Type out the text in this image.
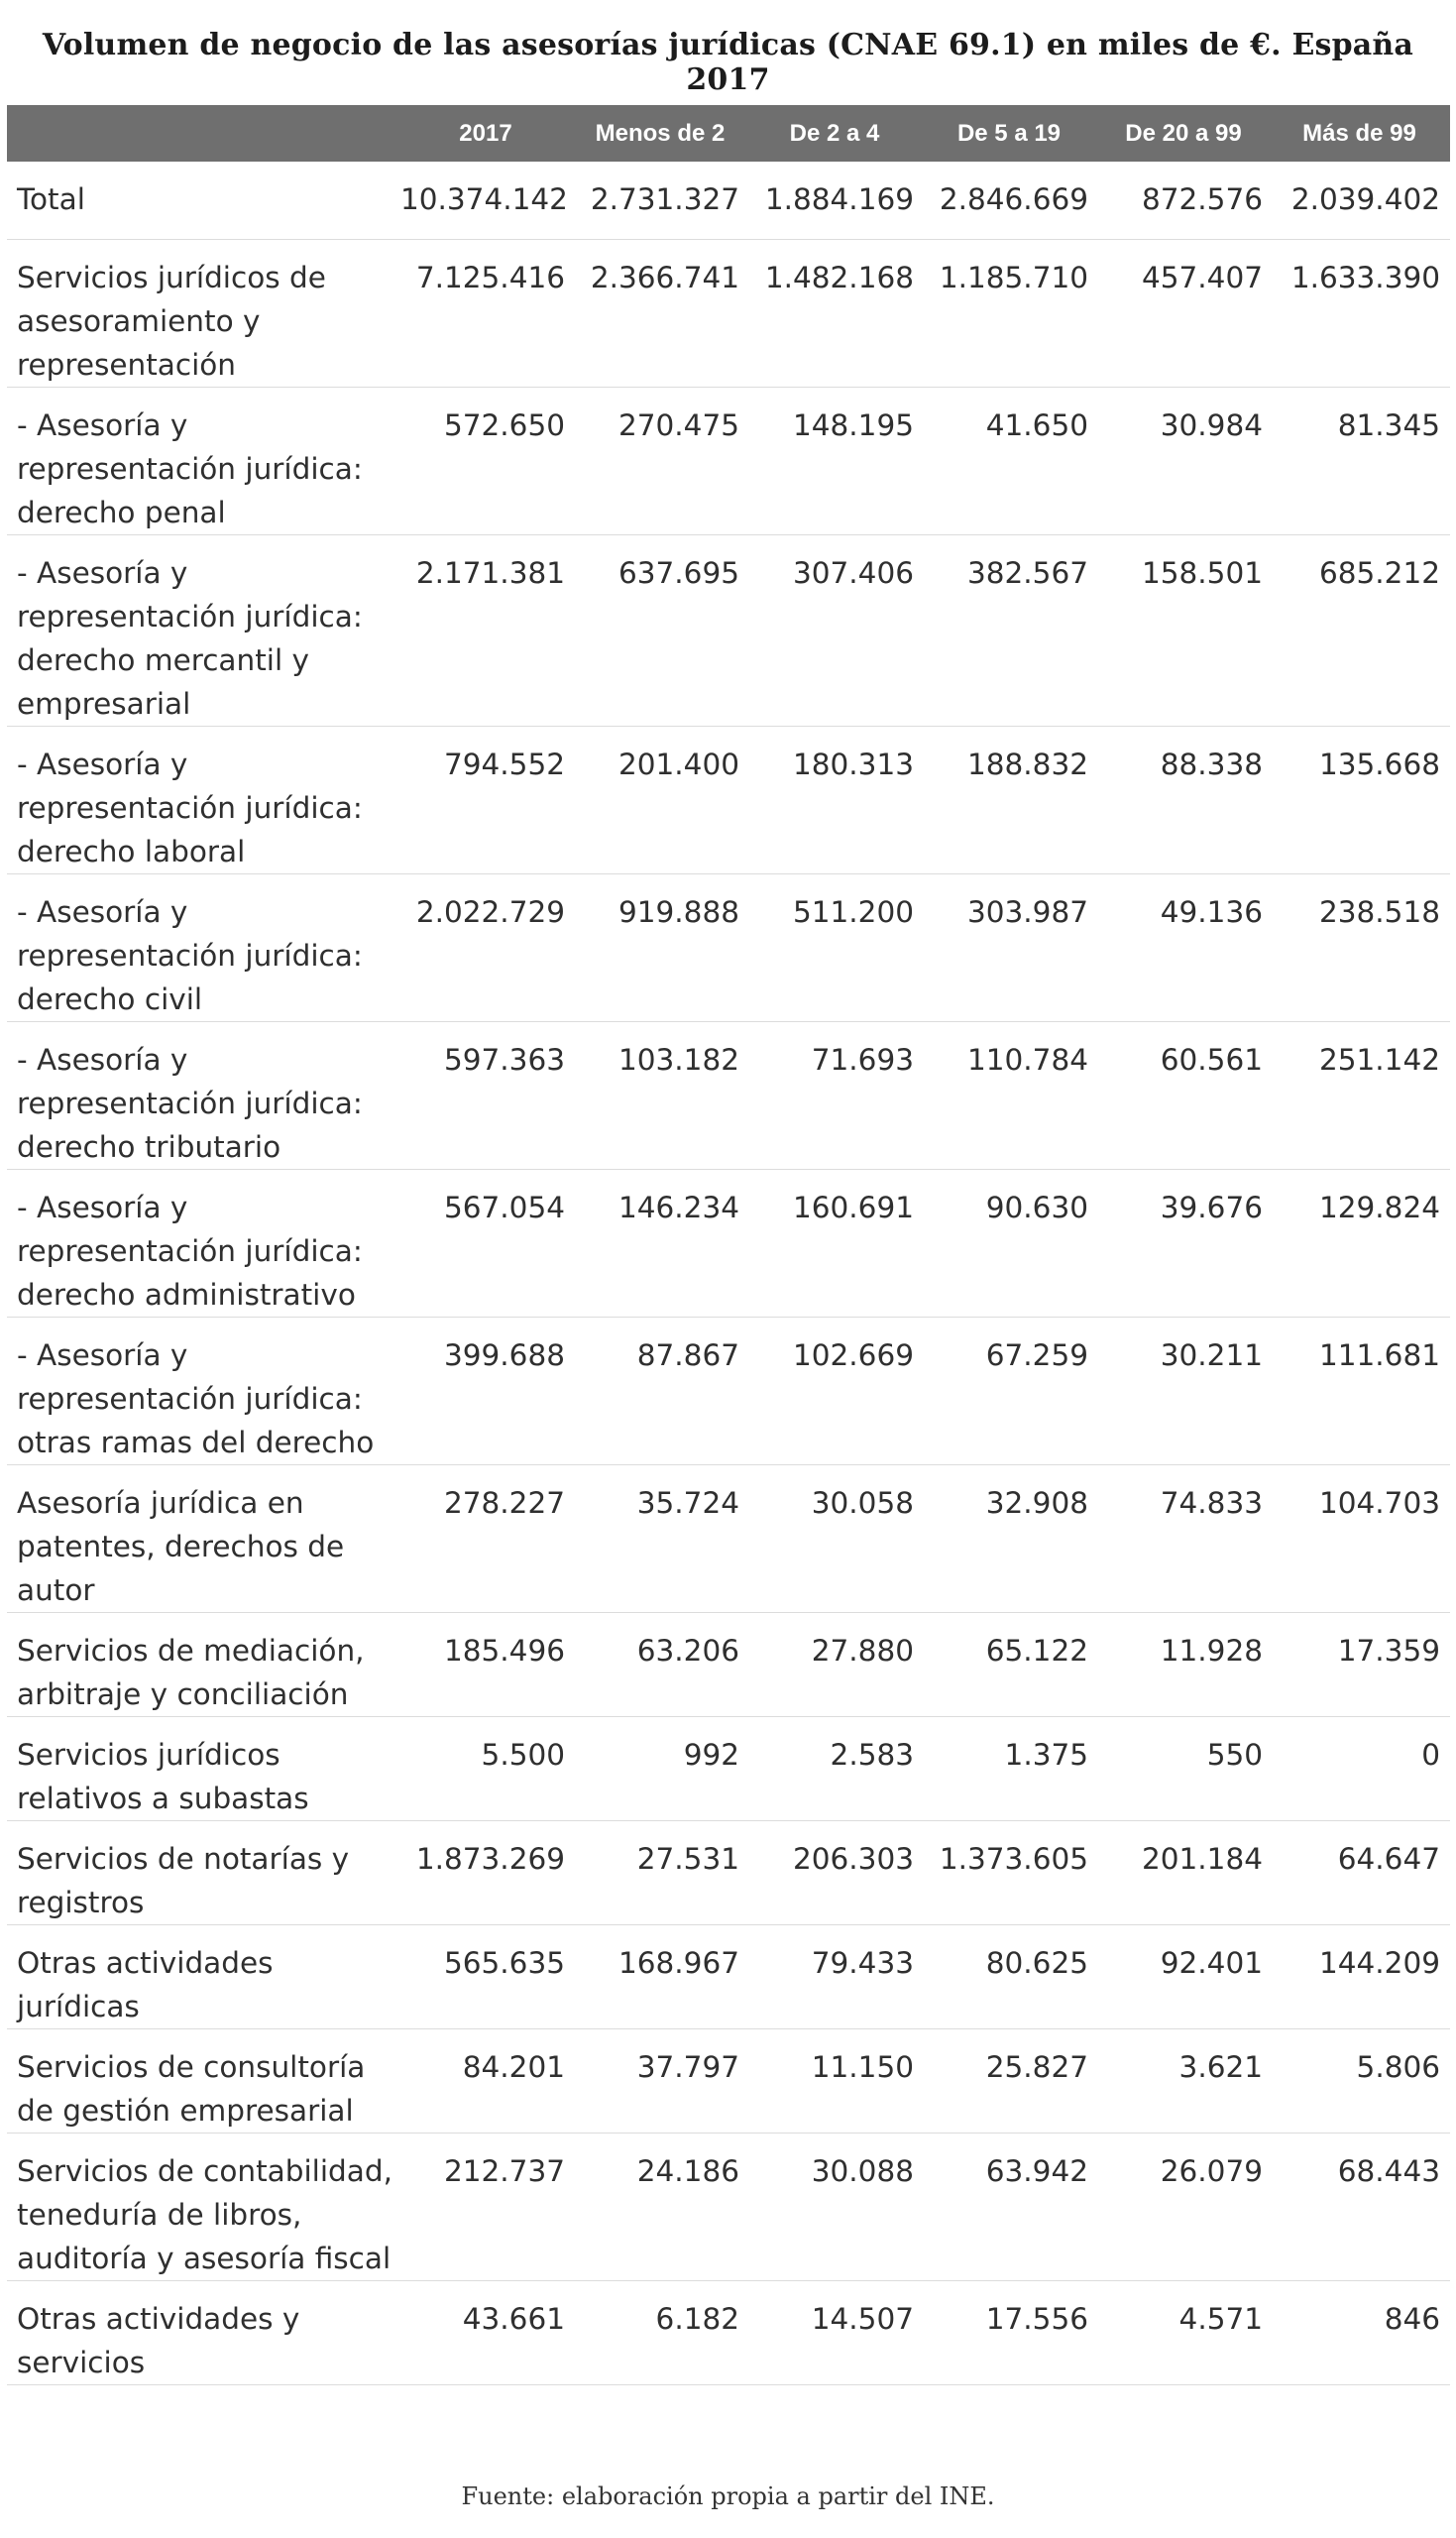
Volumen de negocio de las asesorías jurídicas (CNAE 69.1) en miles de €. España 2017
	2017	Menos de 2	De 2 a 4	De 5 a 19	De 20 a 99	Más de 99
Total	10.374.142	2.731.327	1.884.169	2.846.669	872.576	2.039.402
Servicios jurídicos de asesoramiento y representación	7.125.416	2.366.741	1.482.168	1.185.710	457.407	1.633.390
- Asesoría y representación jurídica: derecho penal	572.650	270.475	148.195	41.650	30.984	81.345
- Asesoría y representación jurídica: derecho mercantil y empresarial	2.171.381	637.695	307.406	382.567	158.501	685.212
- Asesoría y representación jurídica: derecho laboral	794.552	201.400	180.313	188.832	88.338	135.668
- Asesoría y representación jurídica: derecho civil	2.022.729	919.888	511.200	303.987	49.136	238.518
- Asesoría y representación jurídica: derecho tributario	597.363	103.182	71.693	110.784	60.561	251.142
- Asesoría y representación jurídica: derecho administrativo	567.054	146.234	160.691	90.630	39.676	129.824
- Asesoría y representación jurídica: otras ramas del derecho	399.688	87.867	102.669	67.259	30.211	111.681
Asesoría jurídica en patentes, derechos de autor	278.227	35.724	30.058	32.908	74.833	104.703
Servicios de mediación, arbitraje y conciliación	185.496	63.206	27.880	65.122	11.928	17.359
Servicios jurídicos relativos a subastas	5.500	992	2.583	1.375	550	0
Servicios de notarías y registros	1.873.269	27.531	206.303	1.373.605	201.184	64.647
Otras actividades jurídicas	565.635	168.967	79.433	80.625	92.401	144.209
Servicios de consultoría de gestión empresarial	84.201	37.797	11.150	25.827	3.621	5.806
Servicios de contabilidad, teneduría de libros, auditoría y asesoría fiscal	212.737	24.186	30.088	63.942	26.079	68.443
Otras actividades y servicios	43.661	6.182	14.507	17.556	4.571	846
Fuente: elaboración propia a partir del INE.
